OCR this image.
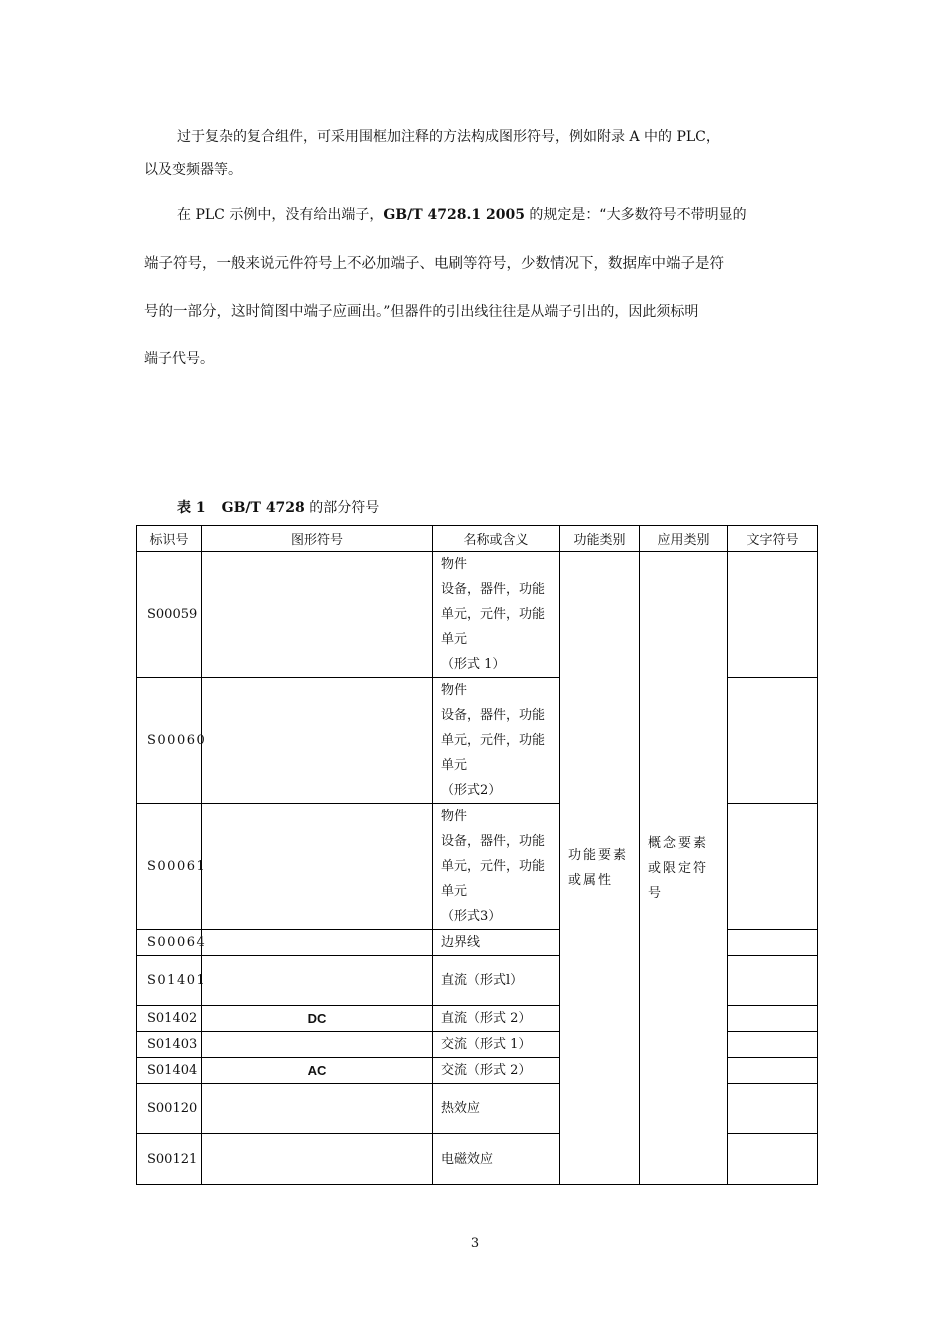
过于复杂的复合组件，可采用围框加注释的方法构成图形符号，例如附录 A 中的 PLC，
以及变频器等。
在 PLC 示例中，没有给出端子，GB/T 4728.1 2005 的规定是：“大多数符号不带明显的
端子符号，一般来说元件符号上不必加端子、电刷等符号，少数情况下，数据库中端子是符
号的一部分，这时简图中端子应画出。”但器件的引出线往往是从端子引出的，因此须标明
端子代号。
表 1 GB/T 4728 的部分符号
标识号	图形符号	名称或含义	功能类别	应用类别	文字符号
S00059		物件
设备，器件，功能
单元，元件，功能
单元
（形式 1）	功能要素或属性	概念要素或限定符号	
S00060		物件
设备，器件，功能
单元，元件，功能
单元
（形式2）			

S00061		物件
设备，器件，功能
单元，元件，功能
单元
（形式3）			

S00064		边界线			

S01401		直流（形式l）			

S01402	DC	直流（形式 2）			

S01403		交流（形式 1）			

S01404	AC	交流（形式 2）			

S00120		热效应			

S00121		电磁效应			

3
